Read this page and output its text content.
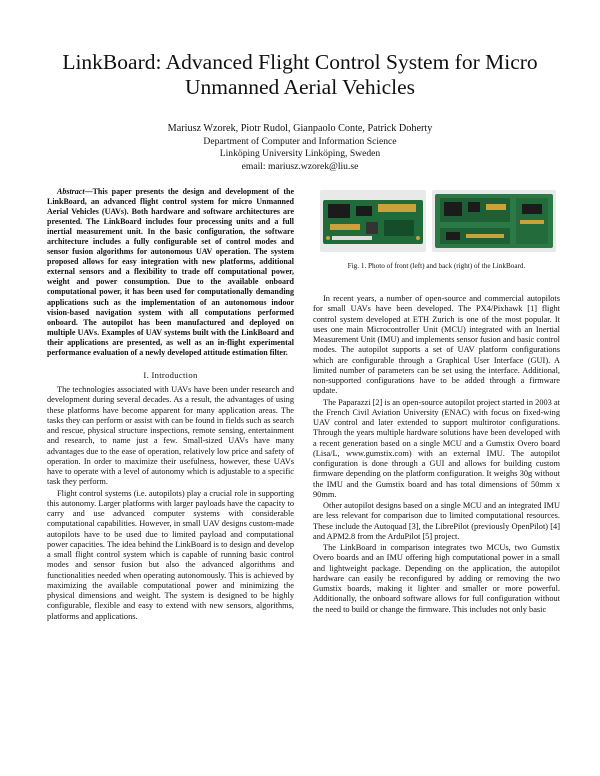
LinkBoard: Advanced Flight Control System for Micro Unmanned Aerial Vehicles
Mariusz Wzorek, Piotr Rudol, Gianpaolo Conte, Patrick Doherty
Department of Computer and Information Science
Linköping University Linköping, Sweden
email: mariusz.wzorek@liu.se

Abstract—This paper presents the design and development of the LinkBoard, an advanced flight control system for micro Unmanned Aerial Vehicles (UAVs). Both hardware and software architectures are presented. The LinkBoard includes four processing units and a full inertial measurement unit. In the basic configuration, the software architecture includes a fully configurable set of control modes and sensor fusion algorithms for autonomous UAV operation. The system proposed allows for easy integration with new platforms, additional external sensors and a flexibility to trade off computational power, weight and power consumption. Due to the available onboard computational power, it has been used for computationally demanding applications such as the implementation of an autonomous indoor vision-based navigation system with all computations performed onboard. The autopilot has been manufactured and deployed on multiple UAVs. Examples of UAV systems built with the LinkBoard and their applications are presented, as well as an in-flight experimental performance evaluation of a newly developed attitude estimation filter.

I. Introduction

The technologies associated with UAVs have been under research and development during several decades. As a result, the advantages of using these platforms have become apparent for many application areas. The tasks they can perform or assist with can be found in fields such as search and rescue, physical structure inspections, remote sensing, entertainment and research, to name just a few. Small-sized UAVs have many advantages due to the ease of operation, relatively low price and safety of operation. In order to maximize their usefulness, however, these UAVs have to operate with a level of autonomy which is adjustable to a specific task they perform.

Flight control systems (i.e. autopilots) play a crucial role in supporting this autonomy. Larger platforms with larger payloads have the capacity to carry and use advanced computer systems with considerable computational capabilities. However, in small UAV designs custom-made autopilots have to be used due to limited payload and computational power capacities. The idea behind the LinkBoard is to design and develop a small flight control system which is capable of running basic control modes and sensor fusion but also the advanced algorithms and functionalities needed when operating autonomously. This is achieved by maximizing the available computational power and minimizing the physical dimensions and weight. The system is designed to be highly configurable, flexible and easy to extend with new sensors, algorithms, platforms and applications.

Fig. 1. Photo of front (left) and back (right) of the LinkBoard.

In recent years, a number of open-source and commercial autopilots for small UAVs have been developed. The PX4/Pixhawk [1] flight control system developed at ETH Zurich is one of the most popular. It uses one main Microcontroller Unit (MCU) integrated with an Inertial Measurement Unit (IMU) and implements sensor fusion and basic control modes. The autopilot supports a set of UAV platform configurations which are configurable through a Graphical User Interface (GUI). A limited number of parameters can be set using the interface. Additional, non-supported configurations have to be added through a firmware update.

The Paparazzi [2] is an open-source autopilot project started in 2003 at the French Civil Aviation University (ENAC) with focus on fixed-wing UAV control and later extended to support multirotor configurations. Through the years multiple hardware solutions have been developed with a recent generation based on a single MCU and a Gumstix Overo board (Lisa/L, www.gumstix.com) with an external IMU. The autopilot configuration is done through a GUI and allows for building custom firmware depending on the platform configuration. It weighs 30g without the IMU and the Gumstix board and has total dimensions of 50mm x 90mm.

Other autopilot designs based on a single MCU and an integrated IMU are less relevant for comparison due to limited computational resources. These include the Autoquad [3], the LibrePilot (previously OpenPilot) [4] and APM2.8 from the ArduPilot [5] project.

The LinkBoard in comparison integrates two MCUs, two Gumstix Overo boards and an IMU offering high computational power in a small and lightweight package. Depending on the application, the autopilot hardware can easily be reconfigured by adding or removing the two Gumstix boards, making it lighter and smaller or more powerful. Additionally, the onboard software allows for full configuration without the need to build or change the firmware. This includes not only basic
